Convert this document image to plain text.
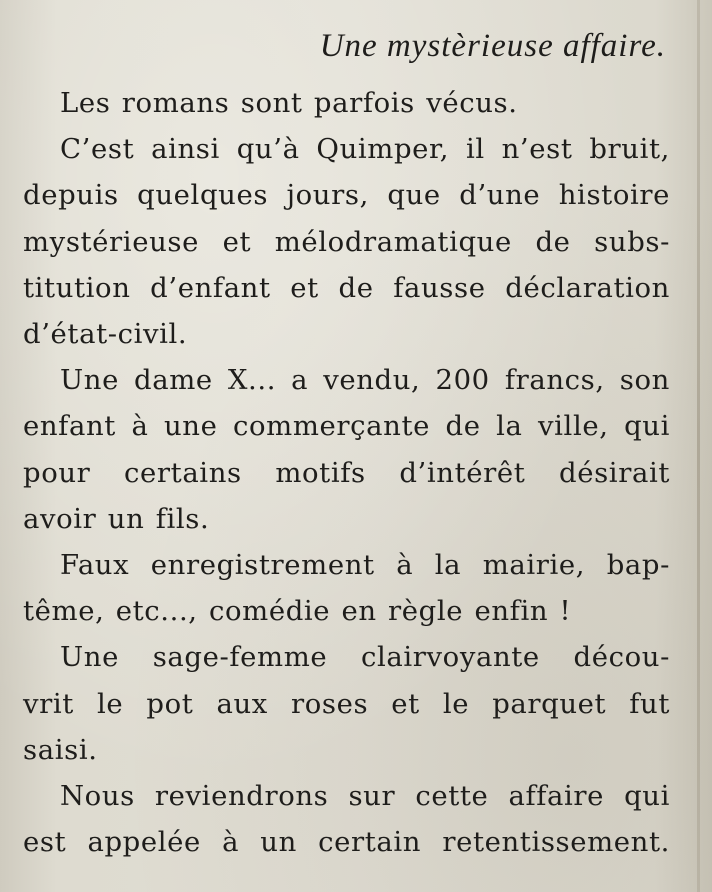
Une mystèrieuse affaire.
Les romans sont parfois vécus.
C’est ainsi qu’à Quimper, il n’est bruit,
depuis quelques jours, que d’une histoire
mystérieuse et mélodramatique de subs-
titution d’enfant et de fausse déclaration
d’état-civil.
Une dame X... a vendu, 200 francs, son
enfant à une commerçante de la ville, qui
pour certains motifs d’intérêt désirait
avoir un fils.
Faux enregistrement à la mairie, bap-
tême, etc..., comédie en règle enfin !
Une sage-femme clairvoyante décou-
vrit le pot aux roses et le parquet fut
saisi.
Nous reviendrons sur cette affaire qui
est appelée à un certain retentissement.
